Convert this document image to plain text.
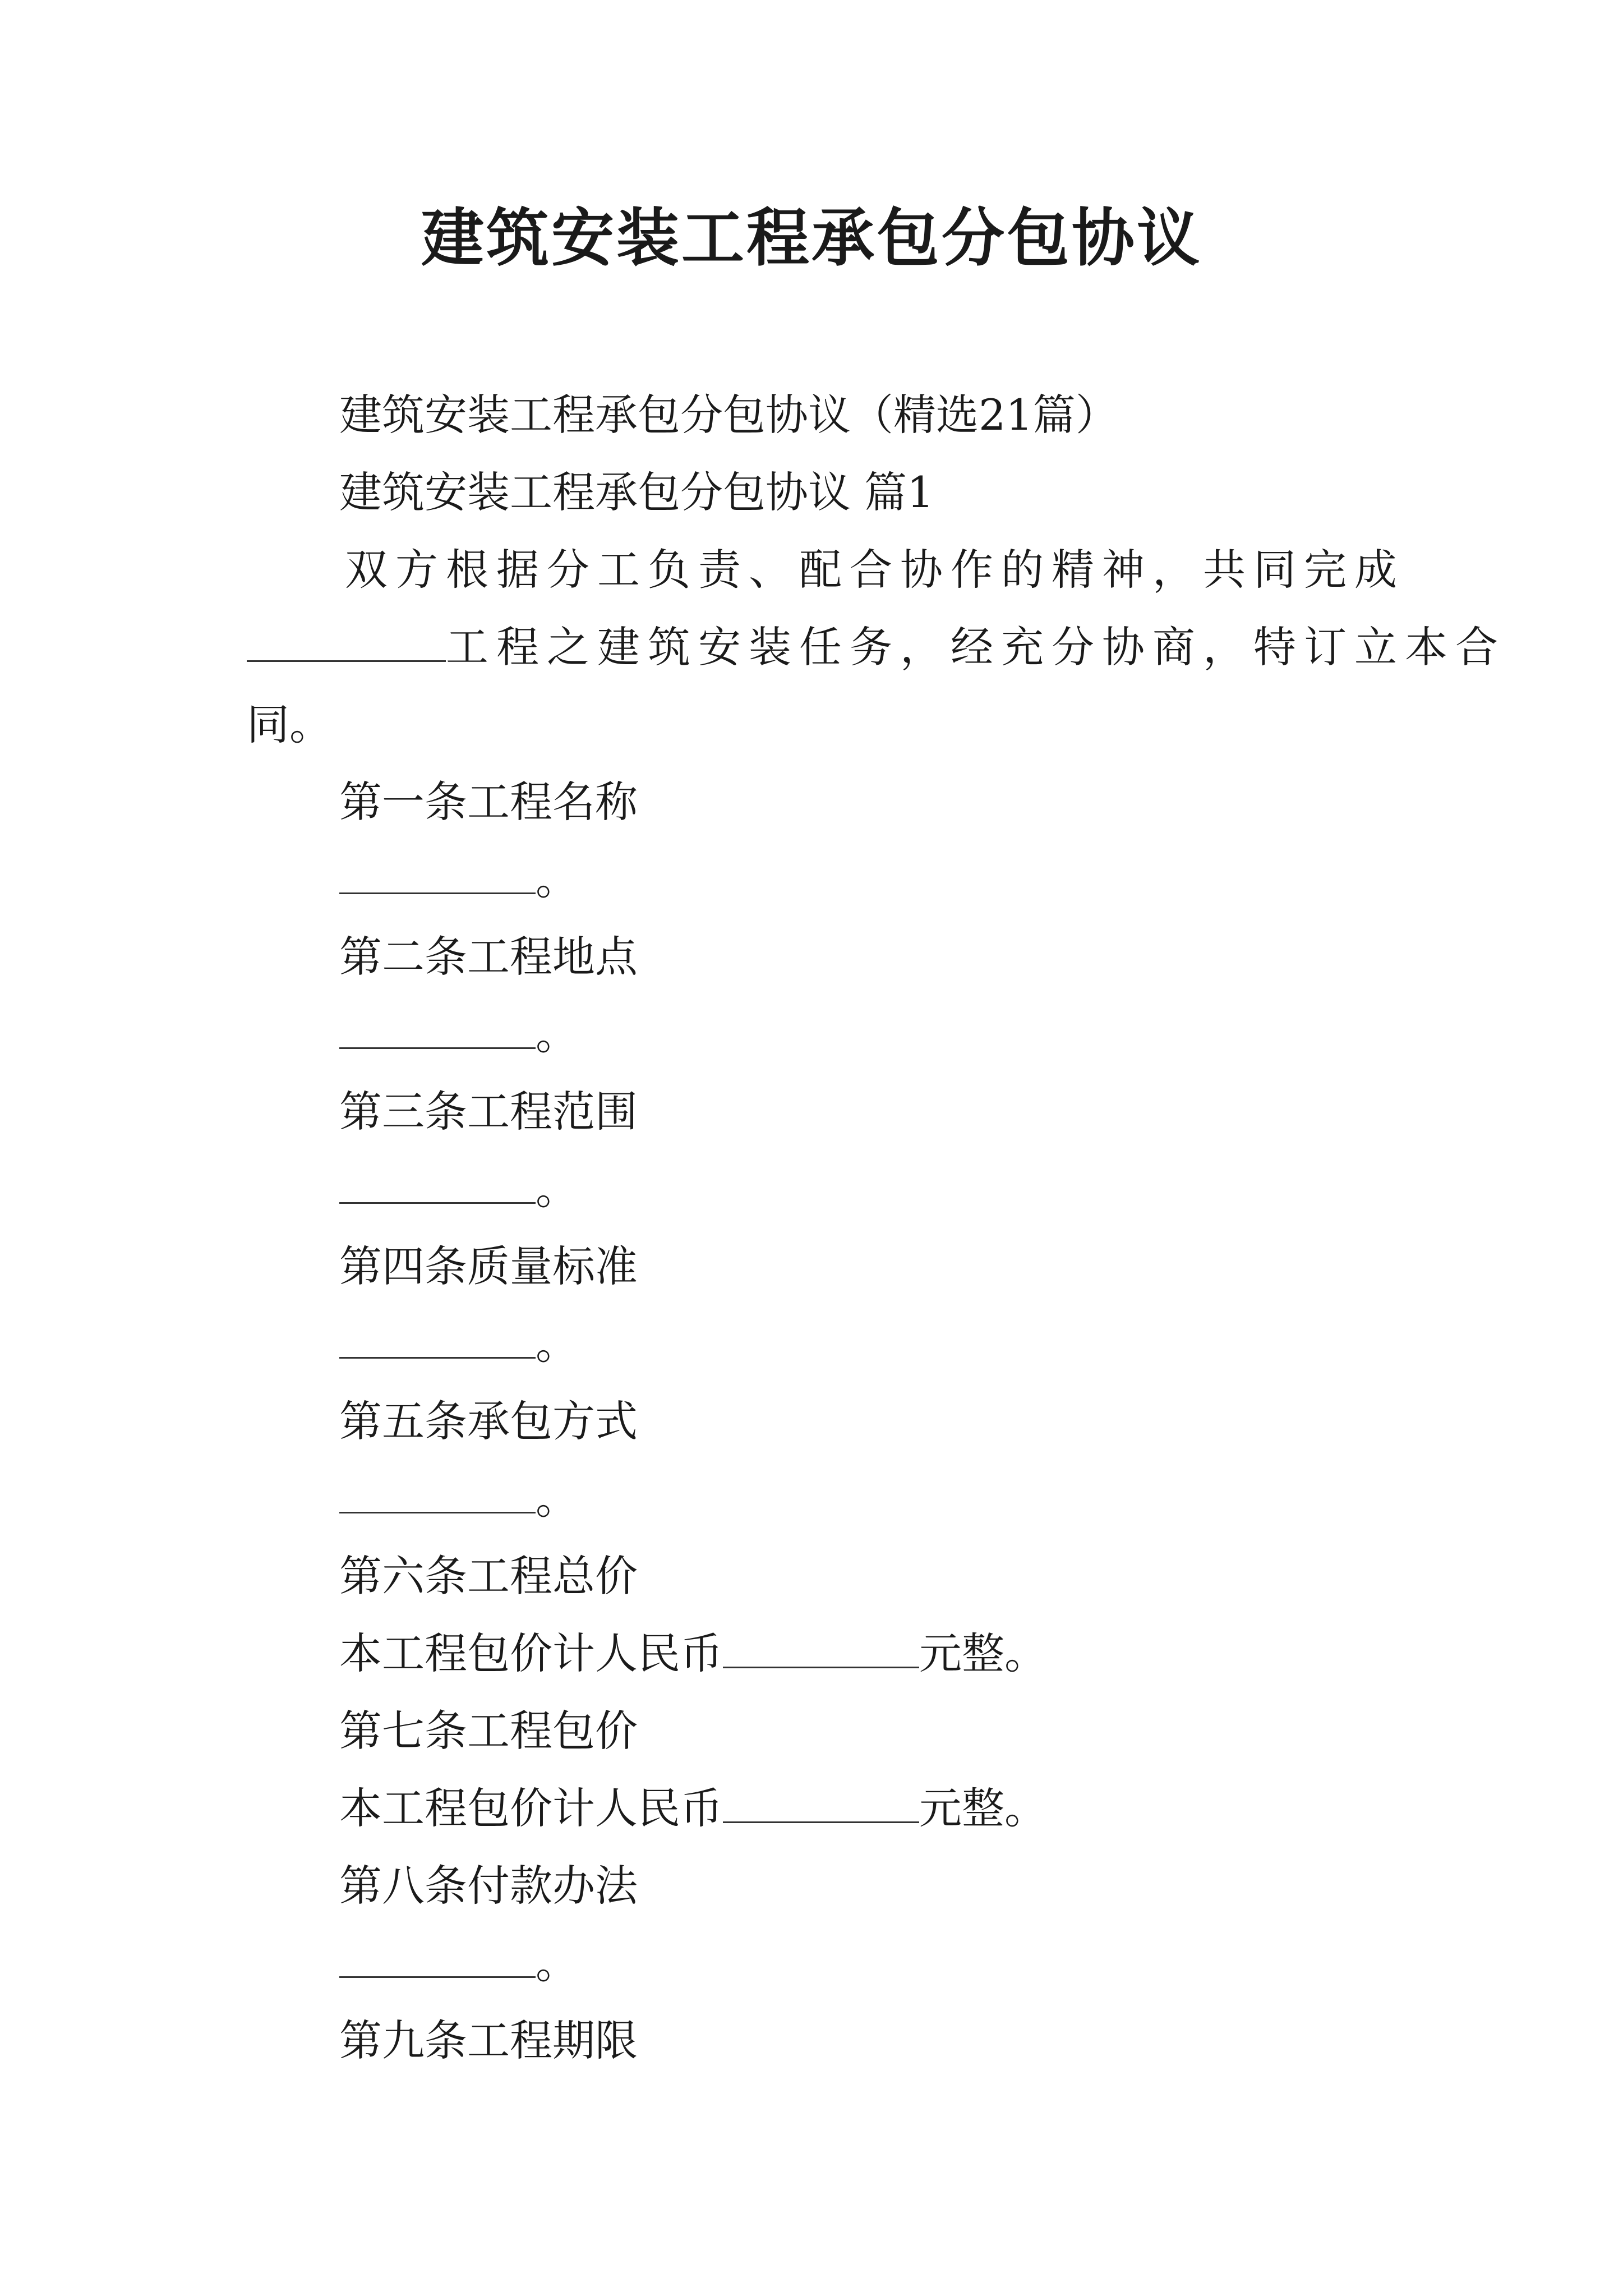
建筑安装工程承包分包协议
建筑安装工程承包分包协议（精选21篇）
建筑安装工程承包分包协议 篇1
双方根据分工负责、配合协作的精神，共同完成
工程之建筑安装任务，经充分协商，特订立本合
同。
第一条工程名称
。
第二条工程地点
。
第三条工程范围
。
第四条质量标准
。
第五条承包方式
。
第六条工程总价
本工程包价计人民币	元整。
第七条工程包价
本工程包价计人民币	元整。
第八条付款办法
。
第九条工程期限
